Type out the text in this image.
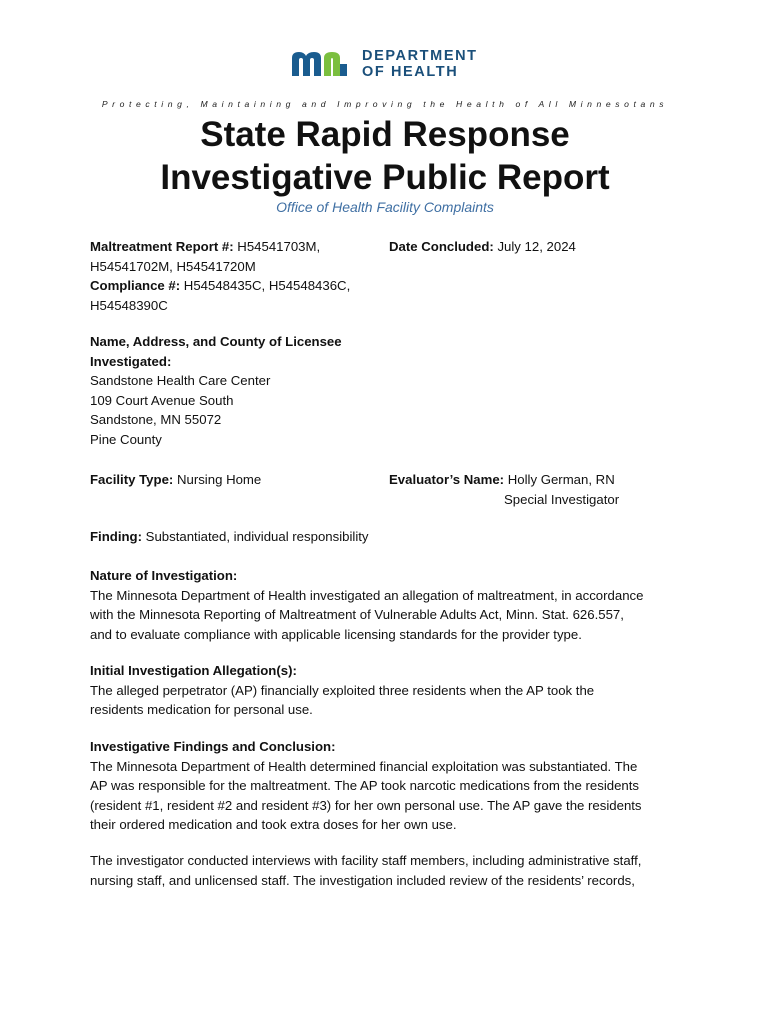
DEPARTMENT
OF HEALTH
Protecting, Maintaining and Improving the Health of All Minnesotans
State Rapid Response
Investigative Public Report
Office of Health Facility Complaints
Maltreatment Report #: H54541703M,
H54541702M, H54541720M
Compliance #: H54548435C, H54548436C,
H54548390C
Date Concluded: July 12, 2024
Name, Address, and County of Licensee
Investigated:
Sandstone Health Care Center
109 Court Avenue South
Sandstone, MN 55072
Pine County
Facility Type: Nursing Home	Evaluator’s Name: Holly German, RN
Special Investigator
Finding: Substantiated, individual responsibility
Nature of Investigation:
The Minnesota Department of Health investigated an allegation of maltreatment, in accordance
with the Minnesota Reporting of Maltreatment of Vulnerable Adults Act, Minn. Stat. 626.557,
and to evaluate compliance with applicable licensing standards for the provider type.
Initial Investigation Allegation(s):
The alleged perpetrator (AP) financially exploited three residents when the AP took the
residents medication for personal use.
Investigative Findings and Conclusion:
The Minnesota Department of Health determined financial exploitation was substantiated. The
AP was responsible for the maltreatment. The AP took narcotic medications from the residents
(resident #1, resident #2 and resident #3) for her own personal use. The AP gave the residents
their ordered medication and took extra doses for her own use.
The investigator conducted interviews with facility staff members, including administrative staff,
nursing staff, and unlicensed staff. The investigation included review of the residents’ records,
